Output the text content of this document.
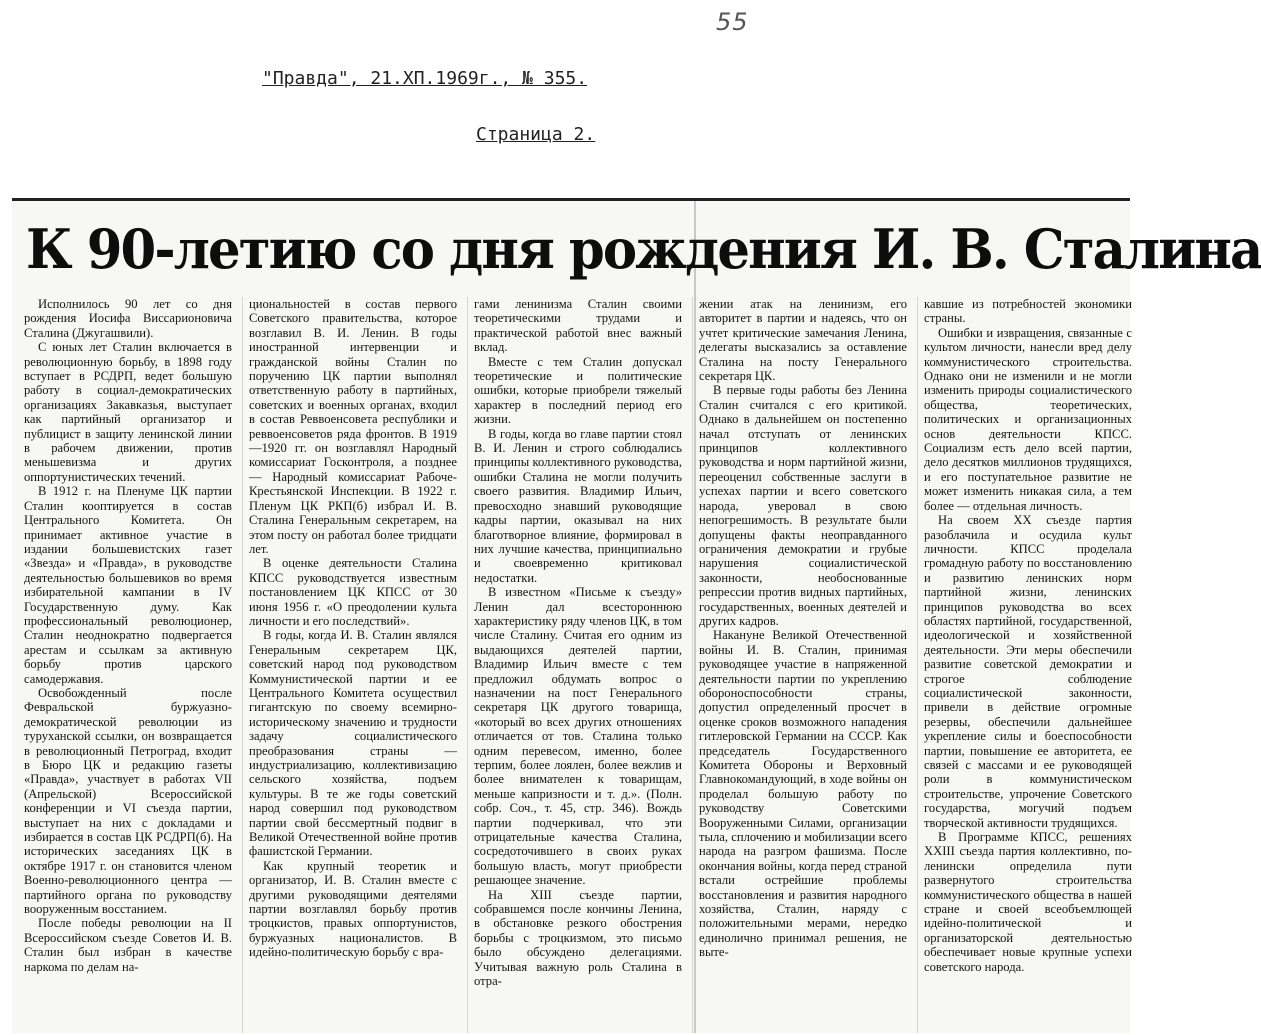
55
"Правда", 21.ХП.1969г., № 355.
Страница 2.
К 90-летию со дня рождения И. В. Сталина

Исполнилось 90 лет со дня рождения Иосифа Виссарионовича Сталина (Джугашвили).

С юных лет Сталин включается в революционную борьбу, в 1898 году вступает в РСДРП, ведет большую работу в социал-демократических организациях Закавказья, выступает как партийный организатор и публицист в защиту ленинской линии в рабочем движении, против меньшевизма и других оппортунистических течений.

В 1912 г. на Пленуме ЦК партии Сталин кооптируется в состав Центрального Комитета. Он принимает активное участие в издании большевистских газет «Звезда» и «Правда», в руководстве деятельностью большевиков во время избирательной кампании в IV Государственную думу. Как профессиональный революционер, Сталин неоднократно подвергается арестам и ссылкам за активную борьбу против царского самодержавия.

Освобожденный после Февральской буржуазно-демократической революции из туруханской ссылки, он возвращается в революционный Петроград, входит в Бюро ЦК и редакцию газеты «Правда», участвует в работах VII (Апрельской) Всероссийской конференции и VI съезда партии, выступает на них с докладами и избирается в состав ЦК РСДРП(б). На исторических заседаниях ЦК в октябре 1917 г. он становится членом Военно-революционного центра — партийного органа по руководству вооруженным восстанием.

После победы революции на II Всероссийском съезде Советов И. В. Сталин был избран в качестве наркома по делам на-

циональностей в состав первого Советского правительства, которое возглавил В. И. Ленин. В годы иностранной интервенции и гражданской войны Сталин по поручению ЦК партии выполнял ответственную работу в партийных, советских и военных органах, входил в состав Реввоенсовета республики и реввоенсоветов ряда фронтов. В 1919—1920 гг. он возглавлял Народный комиссариат Госконтроля, а позднее — Народный комиссариат Рабоче-Крестьянской Инспекции. В 1922 г. Пленум ЦК РКП(б) избрал И. В. Сталина Генеральным секретарем, на этом посту он работал более тридцати лет.

В оценке деятельности Сталина КПСС руководствуется известным постановлением ЦК КПСС от 30 июня 1956 г. «О преодолении культа личности и его последствий».

В годы, когда И. В. Сталин являлся Генеральным секретарем ЦК, советский народ под руководством Коммунистической партии и ее Центрального Комитета осуществил гигантскую по своему всемирно-историческому значению и трудности задачу социалистического преобразования страны — индустриализацию, коллективизацию сельского хозяйства, подъем культуры. В те же годы советский народ совершил под руководством партии свой бессмертный подвиг в Великой Отечественной войне против фашистской Германии.

Как крупный теоретик и организатор, И. В. Сталин вместе с другими руководящими деятелями партии возглавлял борьбу против троцкистов, правых оппортунистов, буржуазных националистов. В идейно-политическую борьбу с вра-

гами ленинизма Сталин своими теоретическими трудами и практической работой внес важный вклад.

Вместе с тем Сталин допускал теоретические и политические ошибки, которые приобрели тяжелый характер в последний период его жизни.

В годы, когда во главе партии стоял В. И. Ленин и строго соблюдались принципы коллективного руководства, ошибки Сталина не могли получить своего развития. Владимир Ильич, превосходно знавший руководящие кадры партии, оказывал на них благотворное влияние, формировал в них лучшие качества, принципиально и своевременно критиковал недостатки.

В известном «Письме к съезду» Ленин дал всестороннюю характеристику ряду членов ЦК, в том числе Сталину. Считая его одним из выдающихся деятелей партии, Владимир Ильич вместе с тем предложил обдумать вопрос о назначении на пост Генерального секретаря ЦК другого товарища, «который во всех других отношениях отличается от тов. Сталина только одним перевесом, именно, более терпим, более лоялен, более вежлив и более внимателен к товарищам, меньше капризности и т. д.». (Полн. собр. Соч., т. 45, стр. 346). Вождь партии подчеркивал, что эти отрицательные качества Сталина, сосредоточившего в своих руках большую власть, могут приобрести решающее значение.

На XIII съезде партии, собравшемся после кончины Ленина, в обстановке резкого обострения борьбы с троцкизмом, это письмо было обсуждено делегациями. Учитывая важную роль Сталина в отра-

жении атак на ленинизм, его авторитет в партии и надеясь, что он учтет критические замечания Ленина, делегаты высказались за оставление Сталина на посту Генерального секретаря ЦК.

В первые годы работы без Ленина Сталин считался с его критикой. Однако в дальнейшем он постепенно начал отступать от ленинских принципов коллективного руководства и норм партийной жизни, переоценил собственные заслуги в успехах партии и всего советского народа, уверовал в свою непогрешимость. В результате были допущены факты неоправданного ограничения демократии и грубые нарушения социалистической законности, необоснованные репрессии против видных партийных, государственных, военных деятелей и других кадров.

Накануне Великой Отечественной войны И. В. Сталин, принимая руководящее участие в напряженной деятельности партии по укреплению обороноспособности страны, допустил определенный просчет в оценке сроков возможного нападения гитлеровской Германии на СССР. Как председатель Государственного Комитета Обороны и Верховный Главнокомандующий, в ходе войны он проделал большую работу по руководству Советскими Вооруженными Силами, организации тыла, сплочению и мобилизации всего народа на разгром фашизма. После окончания войны, когда перед страной встали острейшие проблемы восстановления и развития народного хозяйства, Сталин, наряду с положительными мерами, нередко единолично принимал решения, не выте-

кавшие из потребностей экономики страны.

Ошибки и извращения, связанные с культом личности, нанесли вред делу коммунистического строительства. Однако они не изменили и не могли изменить природы социалистического общества, теоретических, политических и организационных основ деятельности КПСС. Социализм есть дело всей партии, дело десятков миллионов трудящихся, и его поступательное развитие не может изменить никакая сила, а тем более — отдельная личность.

На своем XX съезде партия разоблачила и осудила культ личности. КПСС проделала громадную работу по восстановлению и развитию ленинских норм партийной жизни, ленинских принципов руководства во всех областях партийной, государственной, идеологической и хозяйственной деятельности. Эти меры обеспечили развитие советской демократии и строгое соблюдение социалистической законности, привели в действие огромные резервы, обеспечили дальнейшее укрепление силы и боеспособности партии, повышение ее авторитета, ее связей с массами и ее руководящей роли в коммунистическом строительстве, упрочение Советского государства, могучий подъем творческой активности трудящихся.

В Программе КПСС, решениях XXIII съезда партия коллективно, по-ленински определила пути развернутого строительства коммунистического общества в нашей стране и своей всеобъемлющей идейно-политической и организаторской деятельностью обеспечивает новые крупные успехи советского народа.
